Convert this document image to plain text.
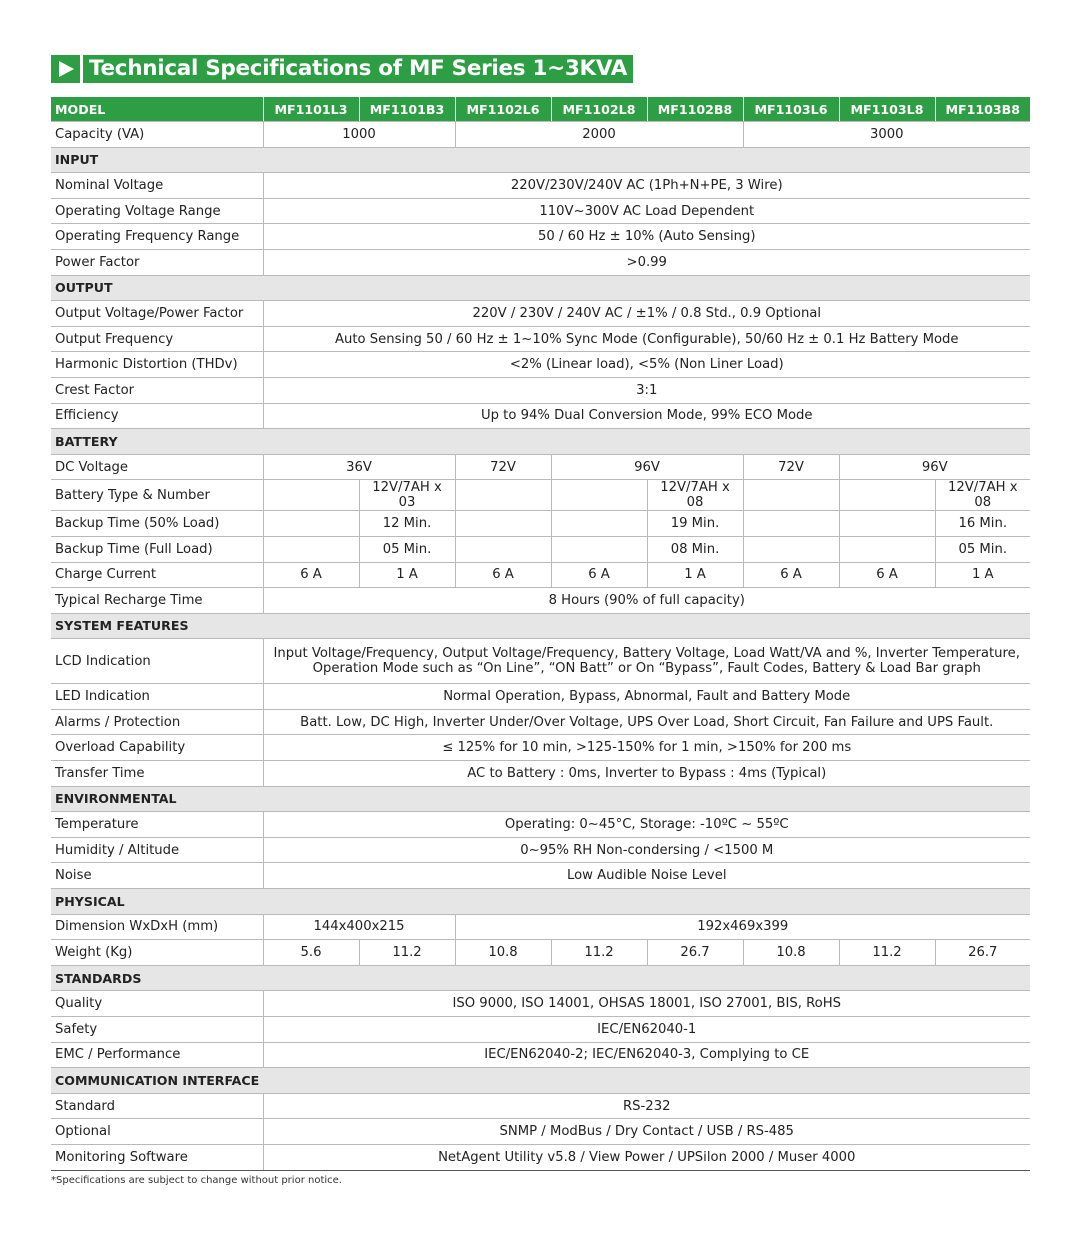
Technical Specifications of MF Series 1~3KVA
MODEL	MF1101L3	MF1101B3	MF1102L6	MF1102L8	MF1102B8	MF1103L6	MF1103L8	MF1103B8
Capacity (VA)	1000		2000			3000		
INPUT								
Nominal Voltage	220V/230V/240V AC (1Ph+N+PE, 3 Wire)							
Operating Voltage Range	110V~300V AC Load Dependent							
Operating Frequency Range	50 / 60 Hz ± 10% (Auto Sensing)							
Power Factor	>0.99							
OUTPUT								
Output Voltage/Power Factor	220V / 230V / 240V AC / ±1% / 0.8 Std., 0.9 Optional							
Output Frequency	Auto Sensing 50 / 60 Hz ± 1~10% Sync Mode (Configurable), 50/60 Hz ± 0.1 Hz Battery Mode							
Harmonic Distortion (THDv)	<2% (Linear load), <5% (Non Liner Load)							
Crest Factor	3:1							
Efficiency	Up to 94% Dual Conversion Mode, 99% ECO Mode							
BATTERY								
DC Voltage	36V		72V	96V		72V	96V	
Battery Type & Number		12V/7AH x 03			12V/7AH x 08			12V/7AH x 08
Backup Time (50% Load)		12 Min.			19 Min.			16 Min.
Backup Time (Full Load)		05 Min.			08 Min.			05 Min.
Charge Current	6 A	1 A	6 A	6 A	1 A	6 A	6 A	1 A
Typical Recharge Time	8 Hours (90% of full capacity)							
SYSTEM FEATURES								
LCD Indication	Input Voltage/Frequency, Output Voltage/Frequency, Battery Voltage, Load Watt/VA and %, Inverter Temperature,
Operation Mode such as “On Line”, “ON Batt” or On “Bypass”, Fault Codes, Battery & Load Bar graph							

LED Indication	Normal Operation, Bypass, Abnormal, Fault and Battery Mode							
Alarms / Protection	Batt. Low, DC High, Inverter Under/Over Voltage, UPS Over Load, Short Circuit, Fan Failure and UPS Fault.							
Overload Capability	≤ 125% for 10 min, >125-150% for 1 min, >150% for 200 ms							
Transfer Time	AC to Battery : 0ms, Inverter to Bypass : 4ms (Typical)							
ENVIRONMENTAL								
Temperature	Operating: 0~45°C, Storage: -10ºC ~ 55ºC							
Humidity / Altitude	0~95% RH Non-condersing / <1500 M							
Noise	Low Audible Noise Level							
PHYSICAL								
Dimension WxDxH (mm)	144x400x215		192x469x399					
Weight (Kg)	5.6	11.2	10.8	11.2	26.7	10.8	11.2	26.7
STANDARDS								
Quality	ISO 9000, ISO 14001, OHSAS 18001, ISO 27001, BIS, RoHS							
Safety	IEC/EN62040-1							
EMC / Performance	IEC/EN62040-2; IEC/EN62040-3, Complying to CE							
COMMUNICATION INTERFACE								
Standard	RS-232							
Optional	SNMP / ModBus / Dry Contact / USB / RS-485							
Monitoring Software	NetAgent Utility v5.8 / View Power / UPSilon 2000 / Muser 4000							
*Specifications are subject to change without prior notice.
